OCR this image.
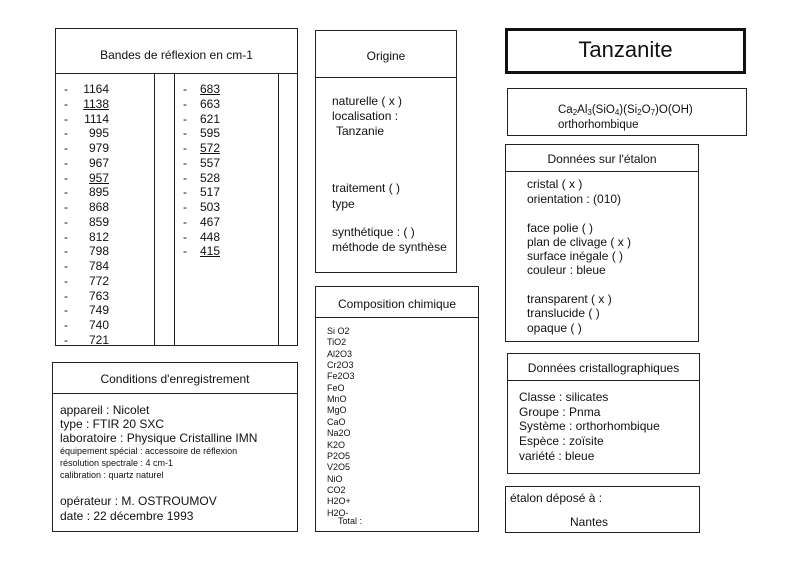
Bandes de réflexion en cm-1
- 1164
- 1138
- 1114
- 995
- 979
- 967
- 957
- 895
- 868
- 859
- 812
- 798
- 784
- 772
- 763
- 749
- 740
- 721
- 683
- 663
- 621
- 595
- 572
- 557
- 528
- 517
- 503
- 467
- 448
- 415
Origine
naturelle ( x )
localisation :
Tanzanie
traitement ( )
type
synthétique : ( )
méthode de synthèse
Tanzanite
$Ca_2Al_3(SiO_4)(Si_2O_7)O(OH)$
orthorhombique
Données sur l'étalon
cristal ( x )
orientation : (010)
face polie ( )
plan de clivage ( x )
surface inégale ( )
couleur : bleue
transparent ( x )
translucide ( )
opaque ( )
Composition chimique
Si O2
TiO2
Al2O3
Cr2O3
Fe2O3
FeO
MnO
MgO
CaO
Na2O
K2O
P2O5
V2O5
NiO
CO2
H2O+
H2O-
Total :
Conditions d'enregistrement
appareil : Nicolet
type : FTIR 20 SXC
laboratoire : Physique Cristalline IMN
équipement spécial : accessoire de réflexion
résolution spectrale : 4 cm-1
calibration : quartz naturel
opérateur : M. OSTROUMOV
date : 22 décembre 1993
Données cristallographiques
Classe : silicates
Groupe : Pnma
Système : orthorhombique
Espèce : zoïsite
variété : bleue
étalon déposé à :
Nantes
